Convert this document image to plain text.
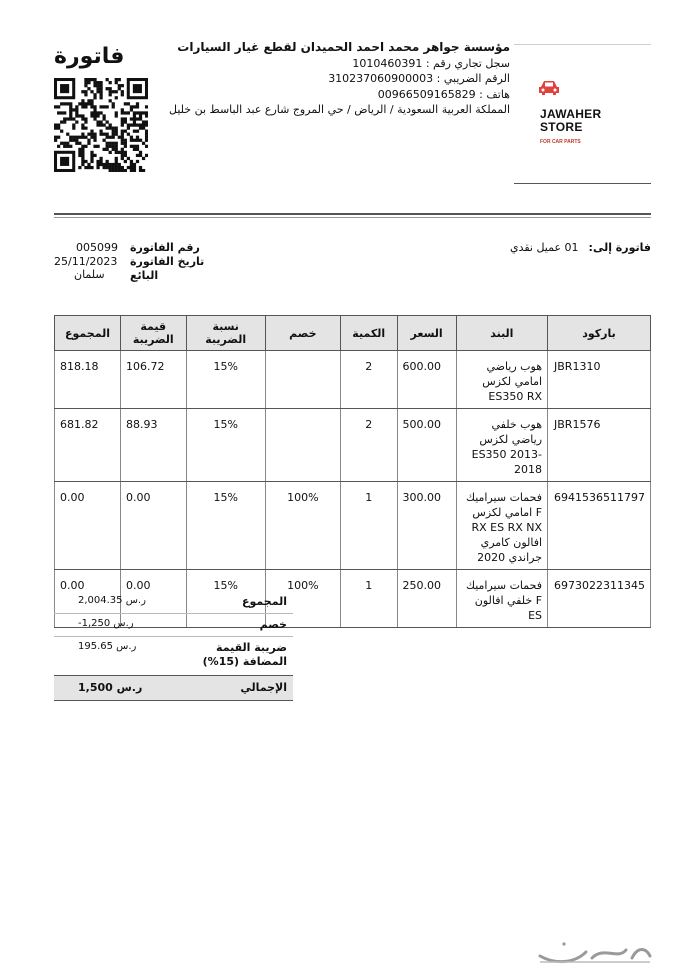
فاتورة	مؤسسة جواهر محمد احمد الحميدان لقطع غيار السيارات
سجل تجاري رقم : 1010460391
الرقم الضريبي : 310237060900003
هاتف : 00966509165829
المملكة العربية السعودية / الرياض / حي المروج شارع عبد الباسط بن خليل	JAWAHER
STORE
FOR CAR PARTS
رقم الفاتورة
005099
تاريخ الفاتورة
25/11/2023
البائع
سلمان
فاتورة إلى:01 عميل نقدي
باركود	البند	السعر	الكمية	خصم	نسبة الضريبة	قيمة الضريبة	المجموع
JBR1310	هوب رياضي امامي لكزس ES350 RX	600.00	2		15%	106.72	818.18
JBR1576	هوب خلفي رياضي لكزس ES350 2013-2018	500.00	2		15%	88.93	681.82
6941536511797	فحمات سيراميك F امامي لكزس RX ES RX NX افالون كامري جراندي 2020	300.00	1	100%	15%	0.00	0.00
6973022311345	فحمات سيراميك F خلفي افالون ES	250.00	1	100%	15%	0.00	0.00
المجموع
2,004.35 ر.س
خصم
-1,250 ر.س
ضريبة القيمة المضافة (15%)
195.65 ر.س
الإجمالي
1,500 ر.س
